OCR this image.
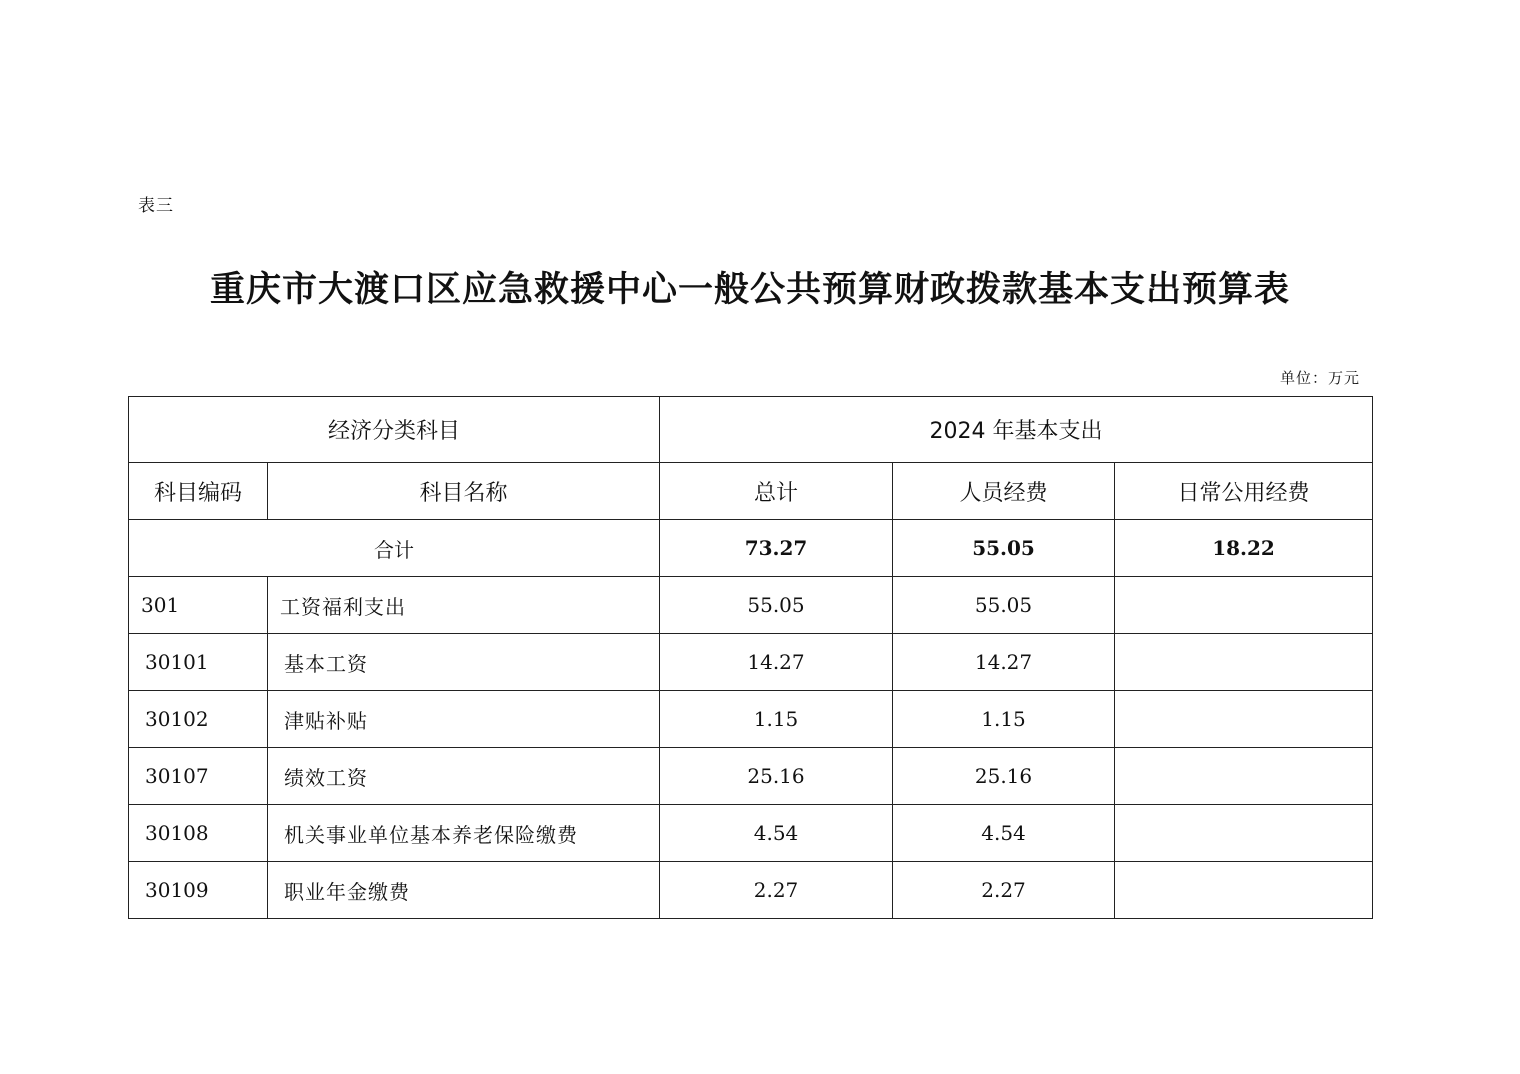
表三
重庆市大渡口区应急救援中心一般公共预算财政拨款基本支出预算表
单位：万元
经济分类科目		2024 年基本支出		
科目编码	科目名称	总计	人员经费	日常公用经费
合计		73.27	55.05	18.22
301	工资福利支出	55.05	55.05	
30101	基本工资	14.27	14.27	
30102	津贴补贴	1.15	1.15	
30107	绩效工资	25.16	25.16	
30108	机关事业单位基本养老保险缴费	4.54	4.54	
30109	职业年金缴费	2.27	2.27	
